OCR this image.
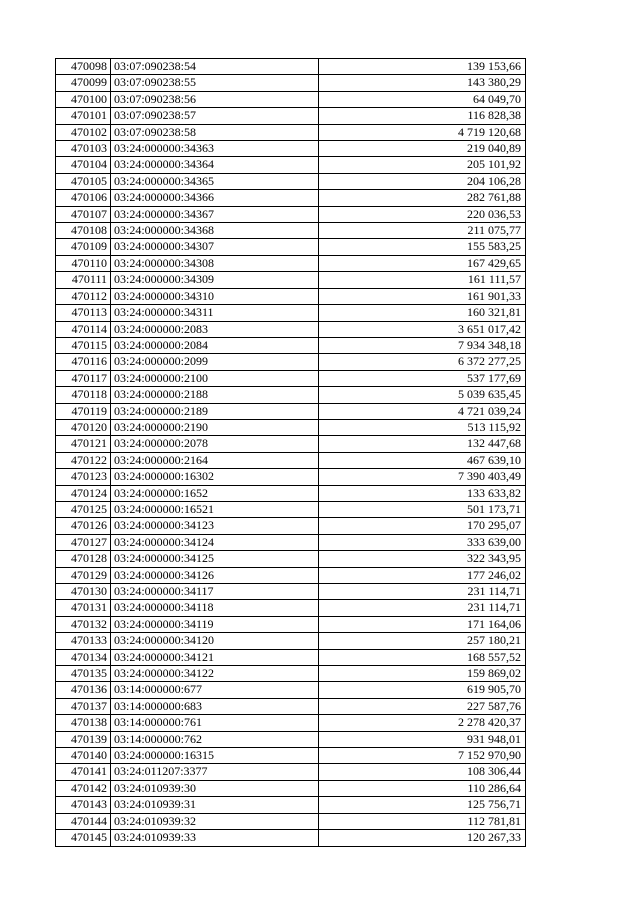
470098	03:07:090238:54	139 153,66
470099	03:07:090238:55	143 380,29
470100	03:07:090238:56	64 049,70
470101	03:07:090238:57	116 828,38
470102	03:07:090238:58	4 719 120,68
470103	03:24:000000:34363	219 040,89
470104	03:24:000000:34364	205 101,92
470105	03:24:000000:34365	204 106,28
470106	03:24:000000:34366	282 761,88
470107	03:24:000000:34367	220 036,53
470108	03:24:000000:34368	211 075,77
470109	03:24:000000:34307	155 583,25
470110	03:24:000000:34308	167 429,65
470111	03:24:000000:34309	161 111,57
470112	03:24:000000:34310	161 901,33
470113	03:24:000000:34311	160 321,81
470114	03:24:000000:2083	3 651 017,42
470115	03:24:000000:2084	7 934 348,18
470116	03:24:000000:2099	6 372 277,25
470117	03:24:000000:2100	537 177,69
470118	03:24:000000:2188	5 039 635,45
470119	03:24:000000:2189	4 721 039,24
470120	03:24:000000:2190	513 115,92
470121	03:24:000000:2078	132 447,68
470122	03:24:000000:2164	467 639,10
470123	03:24:000000:16302	7 390 403,49
470124	03:24:000000:1652	133 633,82
470125	03:24:000000:16521	501 173,71
470126	03:24:000000:34123	170 295,07
470127	03:24:000000:34124	333 639,00
470128	03:24:000000:34125	322 343,95
470129	03:24:000000:34126	177 246,02
470130	03:24:000000:34117	231 114,71
470131	03:24:000000:34118	231 114,71
470132	03:24:000000:34119	171 164,06
470133	03:24:000000:34120	257 180,21
470134	03:24:000000:34121	168 557,52
470135	03:24:000000:34122	159 869,02
470136	03:14:000000:677	619 905,70
470137	03:14:000000:683	227 587,76
470138	03:14:000000:761	2 278 420,37
470139	03:14:000000:762	931 948,01
470140	03:24:000000:16315	7 152 970,90
470141	03:24:011207:3377	108 306,44
470142	03:24:010939:30	110 286,64
470143	03:24:010939:31	125 756,71
470144	03:24:010939:32	112 781,81
470145	03:24:010939:33	120 267,33
